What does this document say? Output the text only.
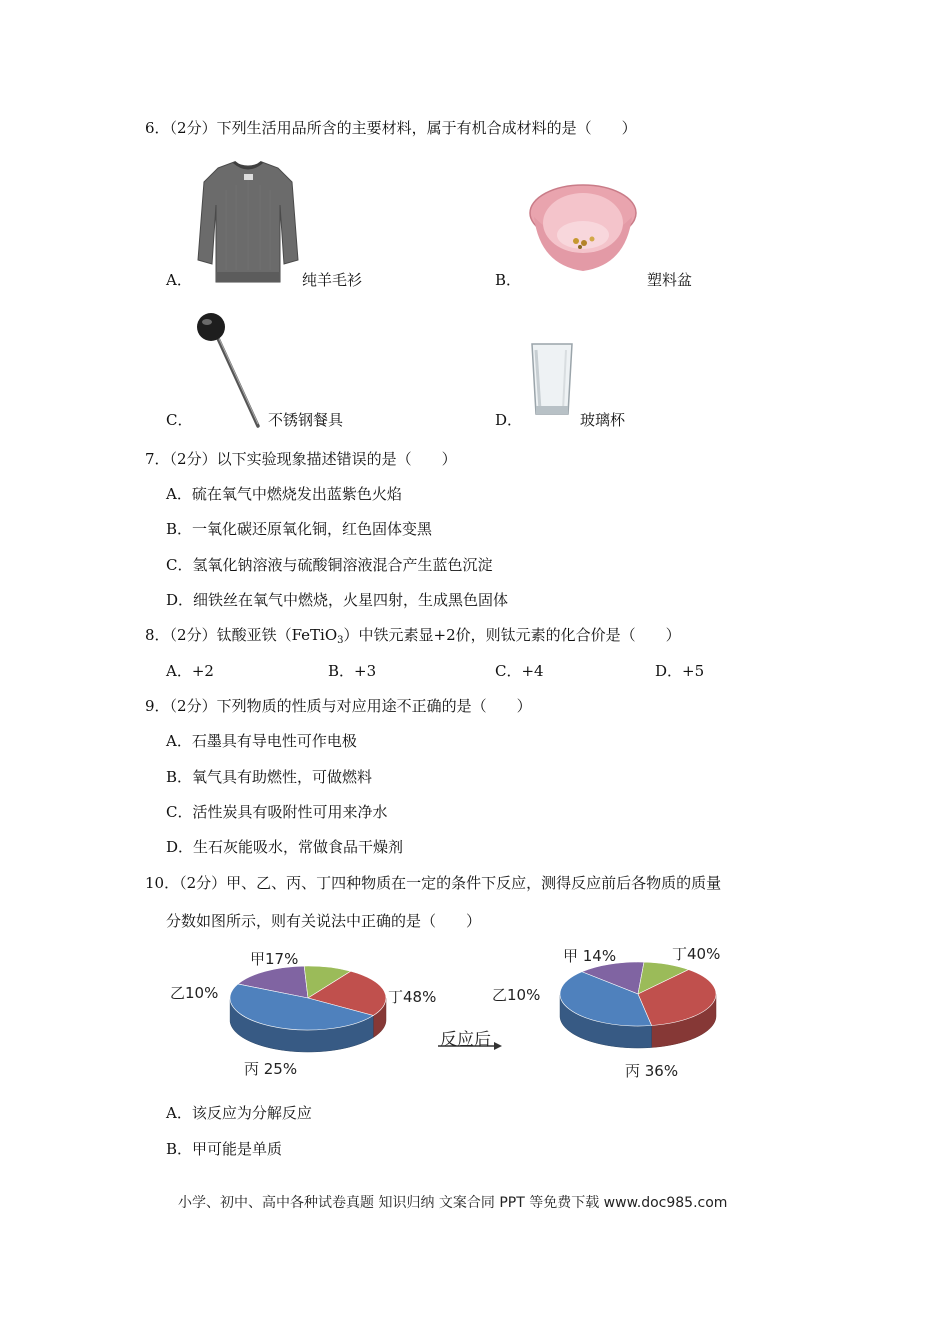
6．（2分）下列生活用品所含的主要材料，属于有机合成材料的是（　　）
A．	纯羊毛衫	B．	塑料盆
C．	不锈钢餐具	D．	玻璃杯
7．（2分）以下实验现象描述错误的是（　　）
A．硫在氧气中燃烧发出蓝紫色火焰
B．一氧化碳还原氧化铜，红色固体变黑
C．氢氧化钠溶液与硫酸铜溶液混合产生蓝色沉淀
D．细铁丝在氧气中燃烧，火星四射，生成黑色固体
8．（2分）钛酸亚铁（FeTiO$_3$）中铁元素显+2价，则钛元素的化合价是（　　）
A．+2	B．+3	C．+4	D．+5
9．（2分）下列物质的性质与对应用途不正确的是（　　）
A．石墨具有导电性可作电极
B．氧气具有助燃性，可做燃料
C．活性炭具有吸附性可用来净水
D．生石灰能吸水，常做食品干燥剂
10．（2分）甲、乙、丙、丁四种物质在一定的条件下反应，测得反应前后各物质的质量
分数如图所示，则有关说法中正确的是（　　）
反应后
甲17%
乙10%
丙 25%
丁48%
甲 14%
乙10%
丙 36%
丁40%
A．该反应为分解反应
B．甲可能是单质
小学、初中、高中各种试卷真题 知识归纳 文案合同 PPT 等免费下载 www.doc985.com
